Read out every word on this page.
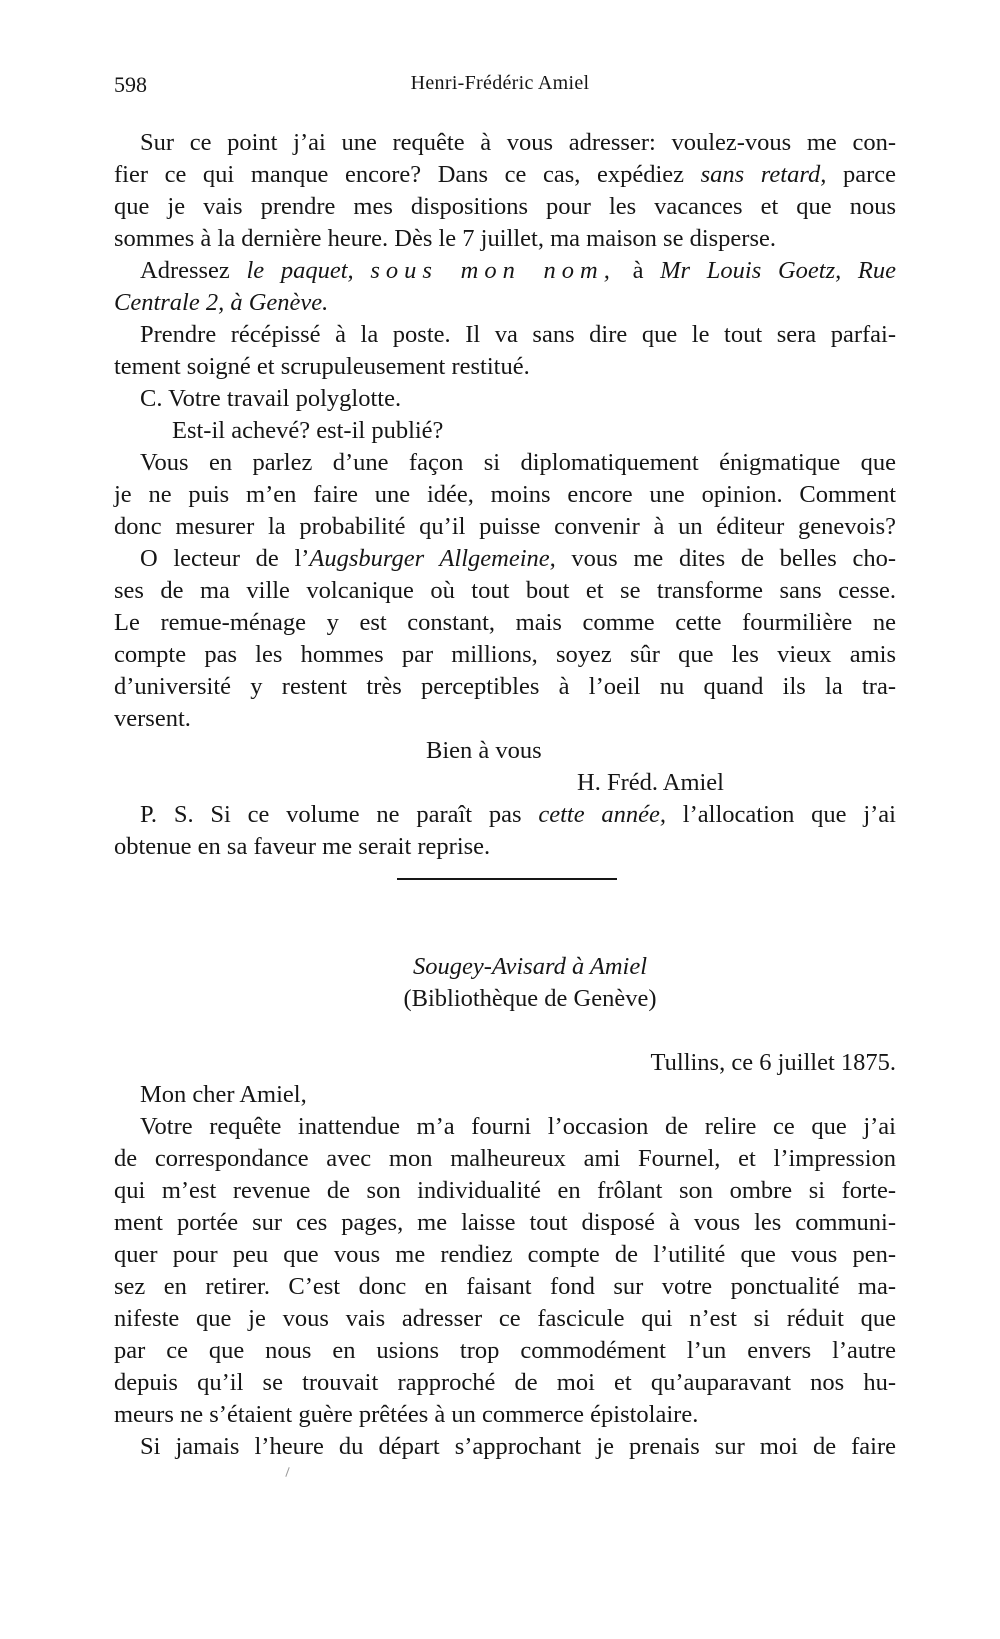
598	Henri-Frédéric Amiel
Sur ce point j’ai une requête à vous adresser: voulez-vous me con-
fier ce qui manque encore? Dans ce cas, expédiez sans retard, parce
que je vais prendre mes dispositions pour les vacances et que nous
sommes à la dernière heure. Dès le 7 juillet, ma maison se disperse.
Adressez le paquet, sous mon nom, à Mr Louis Goetz, Rue
Centrale 2, à Genève.
Prendre récépissé à la poste. Il va sans dire que le tout sera parfai-
tement soigné et scrupuleusement restitué.
C. Votre travail polyglotte.
Est-il achevé? est-il publié?
Vous en parlez d’une façon si diplomatiquement énigmatique que
je ne puis m’en faire une idée, moins encore une opinion. Comment
donc mesurer la probabilité qu’il puisse convenir à un éditeur genevois?
O lecteur de l’Augsburger Allgemeine, vous me dites de belles cho-
ses de ma ville volcanique où tout bout et se transforme sans cesse.
Le remue-ménage y est constant, mais comme cette fourmilière ne
compte pas les hommes par millions, soyez sûr que les vieux amis
d’université y restent très perceptibles à l’oeil nu quand ils la tra-
versent.
Bien à vous
H. Fréd. Amiel
P. S. Si ce volume ne paraît pas cette année, l’allocation que j’ai
obtenue en sa faveur me serait reprise.
Sougey-Avisard à Amiel
(Bibliothèque de Genève)
Tullins, ce 6 juillet 1875.
Mon cher Amiel,
Votre requête inattendue m’a fourni l’occasion de relire ce que j’ai
de correspondance avec mon malheureux ami Fournel, et l’impression
qui m’est revenue de son individualité en frôlant son ombre si forte-
ment portée sur ces pages, me laisse tout disposé à vous les communi-
quer pour peu que vous me rendiez compte de l’utilité que vous pen-
sez en retirer. C’est donc en faisant fond sur votre ponctualité ma-
nifeste que je vous vais adresser ce fascicule qui n’est si réduit que
par ce que nous en usions trop commodément l’un envers l’autre
depuis qu’il se trouvait rapproché de moi et qu’auparavant nos hu-
meurs ne s’étaient guère prêtées à un commerce épistolaire.
Si jamais l’heure du départ s’approchant je prenais sur moi de faire
